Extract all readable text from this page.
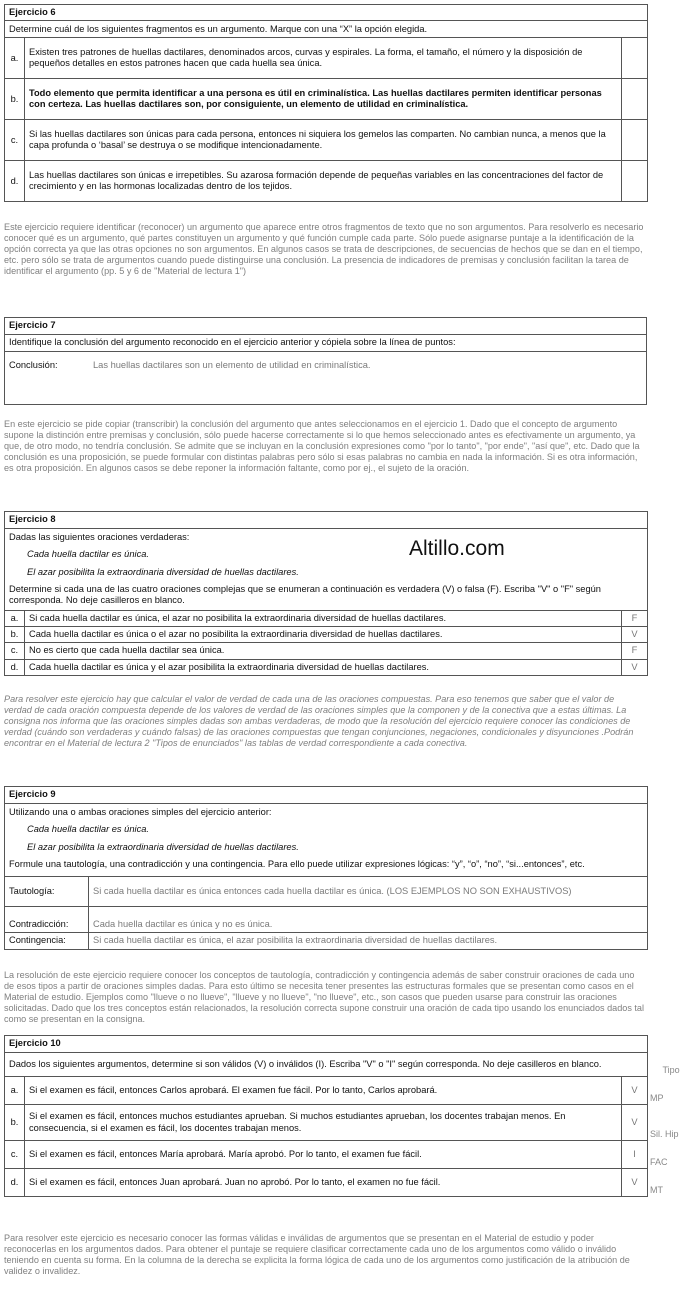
Ejercicio 6		
Determine cuál de los siguientes fragmentos es un argumento. Marque con una “X” la opción elegida.		
a.	Existen tres patrones de huellas dactilares, denominados arcos, curvas y espirales. La forma, el tamaño, el número y la disposición de pequeños detalles en estos patrones hacen que cada huella sea única.	
b.	Todo elemento que permita identificar a una persona es útil en criminalística. Las huellas dactilares permiten identificar personas con certeza. Las huellas dactilares son, por consiguiente, un elemento de utilidad en criminalística.	
c.	Si las huellas dactilares son únicas para cada persona, entonces ni siquiera los gemelos las comparten. No cambian nunca, a menos que la capa profunda o ‘basal’ se destruya o se modifique intencionadamente.	
d.	Las huellas dactilares son únicas e irrepetibles. Su azarosa formación depende de pequeñas variables en las concentraciones del factor de crecimiento y en las hormonas localizadas dentro de los tejidos.	

Este ejercicio requiere identificar (reconocer) un argumento que aparece entre otros fragmentos de texto que no son argumentos. Para resolverlo es necesario conocer qué es un argumento, qué partes constituyen un argumento y qué función cumple cada parte. Sólo puede asignarse puntaje a la identificación de la opción correcta ya que las otras opciones no son argumentos. En algunos casos se trata de descripciones, de secuencias de hechos que se dan en el tiempo, etc. pero sólo se trata de argumentos cuando puede distinguirse una conclusión. La presencia de indicadores de premisas y conclusión facilitan la tarea de identificar el argumento (pp. 5 y 6 de "Material de lectura 1")

Ejercicio 7
Identifique la conclusión del argumento reconocido en el ejercicio anterior y cópiela sobre la línea de puntos:
Conclusión:	Las huellas dactilares son un elemento de utilidad en criminalística.

En este ejercicio se pide copiar (transcribir) la conclusión del argumento que antes seleccionamos en el ejercicio 1. Dado que el concepto de argumento supone la distinción entre premisas y conclusión, sólo puede hacerse correctamente si lo que hemos seleccionado antes es efectivamente un argumento, ya que, de otro modo, no tendría conclusión. Se admite que se incluyan en la conclusión expresiones como "por lo tanto", "por ende", "así que", etc. Dado que la conclusión es una proposición, se puede formular con distintas palabras pero sólo si esas palabras no cambia en nada la información. Si es otra información, es otra proposición. En algunos casos se debe reponer la información faltante, como por ej., el sujeto de la oración.

Ejercicio 8		
Dadas las siguientes oraciones verdaderas:
Cada huella dactilar es única.
El azar posibilita la extraordinaria diversidad de huellas dactilares.
Determine si cada una de las cuatro oraciones complejas que se enumeran a continuación es verdadera (V) o falsa (F). Escriba "V" o "F" según corresponda. No deje casilleros en blanco.		
a.	Si cada huella dactilar es única, el azar no posibilita la extraordinaria diversidad de huellas dactilares.	F
b.	Cada huella dactilar es única o el azar no posibilita la extraordinaria diversidad de huellas dactilares.	V
c.	No es cierto que cada huella dactilar sea única.	F
d.	Cada huella dactilar es única y el azar posibilita la extraordinaria diversidad de huellas dactilares.	V
Altillo.com

Para resolver este ejercicio hay que calcular el valor de verdad de cada una de las oraciones compuestas. Para eso tenemos que saber que el valor de verdad de cada oración compuesta depende de los valores de verdad de las oraciones simples que la componen y de la conectiva que a estas últimas. La consigna nos informa que las oraciones simples dadas son ambas verdaderas, de modo que la resolución del ejercicio requiere conocer las condiciones de verdad (cuándo son verdaderas y cuándo falsas) de las oraciones compuestas que tengan conjunciones, negaciones, condicionales y disyunciones .Podrán encontrar en el Material de lectura 2 "Tipos de enunciados" las tablas de verdad correspondiente a cada conectiva.

Ejercicio 9	
Utilizando una o ambas oraciones simples del ejercicio anterior:
Cada huella dactilar es única.
El azar posibilita la extraordinaria diversidad de huellas dactilares.
Formule una tautología, una contradicción y una contingencia. Para ello puede utilizar expresiones lógicas: “y”, “o”, “no”, “si...entonces”, etc.	
Tautología:	Si cada huella dactilar es única entonces cada huella dactilar es única. (LOS EJEMPLOS NO SON EXHAUSTIVOS)
Contradicción:	Cada huella dactilar es única y no es única.
Contingencia:	Si cada huella dactilar es única, el azar posibilita la extraordinaria diversidad de huellas dactilares.

La resolución de este ejercicio requiere conocer los conceptos de tautología, contradicción y contingencia además de saber construir oraciones de cada uno de esos tipos a partir de oraciones simples dadas. Para esto último se necesita tener presentes las estructuras formales que se presentan como casos en el Material de estudio. Ejemplos como "llueve o no llueve", "llueve y no llueve", "no llueve", etc., son casos que pueden usarse para construir las oraciones solicitadas. Dado que los tres conceptos están relacionados, la resolución correcta supone construir una oración de cada tipo usando los enunciados dados tal como se presentan en la consigna.

Ejercicio 10			
Dados los siguientes argumentos, determine si son válidos (V) o inválidos (I). Escriba "V" o "I" según corresponda. No deje casilleros en blanco.			Tipo
a.	Si el examen es fácil, entonces Carlos aprobará. El examen fue fácil. Por lo tanto, Carlos aprobará.	V	MP
b.	Si el examen es fácil, entonces muchos estudiantes aprueban. Si muchos estudiantes aprueban, los docentes trabajan menos. En consecuencia, si el examen es fácil, los docentes trabajan menos.	V	Sil. Hip
c.	Si el examen es fácil, entonces María aprobará. María aprobó. Por lo tanto, el examen fue fácil.	I	FAC
d.	Si el examen es fácil, entonces Juan aprobará. Juan no aprobó. Por lo tanto, el examen no fue fácil.	V	MT

Para resolver este ejercicio es necesario conocer las formas válidas e inválidas de argumentos que se presentan en el Material de estudio y poder reconocerlas en los argumentos dados. Para obtener el puntaje se requiere clasificar correctamente cada uno de los argumentos como válido o inválido teniendo en cuenta su forma. En la columna de la derecha se explicita la forma lógica de cada uno de los argumentos como justificación de la atribución de validez o invalidez.
